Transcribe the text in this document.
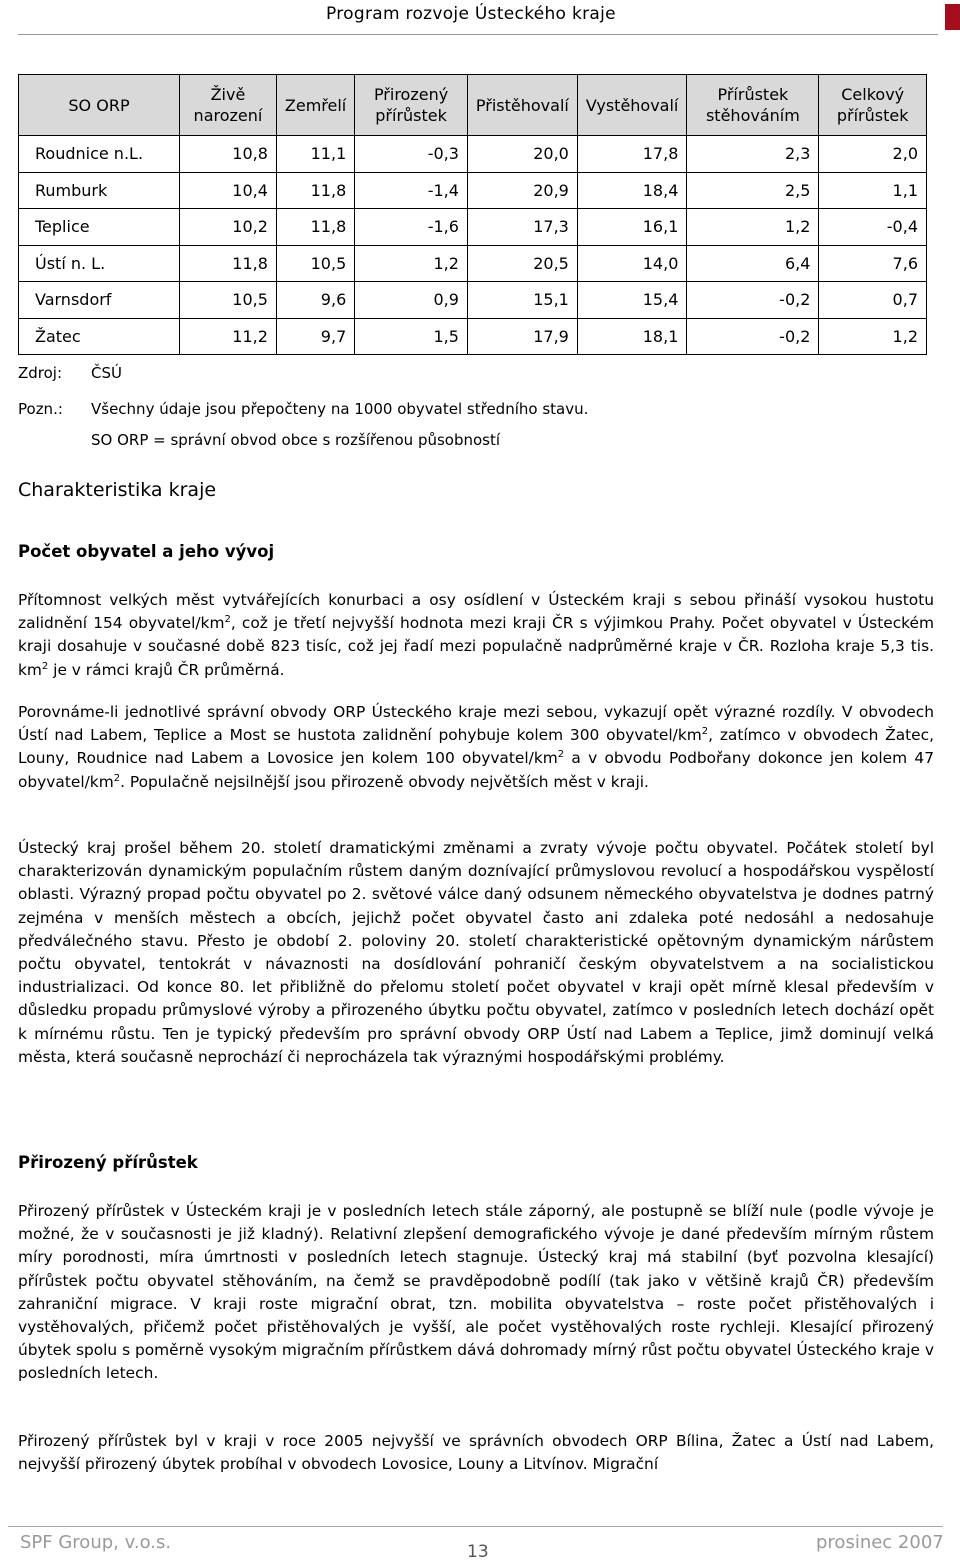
Program rozvoje Ústeckého kraje
SO ORP	Živě narození	Zemřelí	Přirozený přírůstek	Přistěhovalí	Vystěhovalí	Přírůstek stěhováním	Celkový přírůstek
Roudnice n.L.	10,8	11,1	-0,3	20,0	17,8	2,3	2,0
Rumburk	10,4	11,8	-1,4	20,9	18,4	2,5	1,1
Teplice	10,2	11,8	-1,6	17,3	16,1	1,2	-0,4
Ústí n. L.	11,8	10,5	1,2	20,5	14,0	6,4	7,6
Varnsdorf	10,5	9,6	0,9	15,1	15,4	-0,2	0,7
Žatec	11,2	9,7	1,5	17,9	18,1	-0,2	1,2
Zdroj: ČSÚ
Pozn.: Všechny údaje jsou přepočteny na 1000 obyvatel středního stavu.
SO ORP = správní obvod obce s rozšířenou působností
Charakteristika kraje
Počet obyvatel a jeho vývoj

Přítomnost velkých měst vytvářejících konurbaci a osy osídlení v Ústeckém kraji s sebou přináší vysokou hustotu zalidnění 154 obyvatel/$km^2$, což je třetí nejvyšší hodnota mezi kraji ČR s výjimkou Prahy. Počet obyvatel v Ústeckém kraji dosahuje v současné době 823 tisíc, což jej řadí mezi populačně nadprůměrné kraje v ČR. Rozloha kraje 5,3 tis. $km^2$ je v rámci krajů ČR průměrná.

Porovnáme-li jednotlivé správní obvody ORP Ústeckého kraje mezi sebou, vykazují opět výrazné rozdíly. V obvodech Ústí nad Labem, Teplice a Most se hustota zalidnění pohybuje kolem 300 obyvatel/$km^2$, zatímco v obvodech Žatec, Louny, Roudnice nad Labem a Lovosice jen kolem 100 obyvatel/$km^2$ a v obvodu Podbořany dokonce jen kolem 47 obyvatel/$km^2$. Populačně nejsilnější jsou přirozeně obvody největších měst v kraji.

Ústecký kraj prošel během 20. století dramatickými změnami a zvraty vývoje počtu obyvatel. Počátek století byl charakterizován dynamickým populačním růstem daným doznívající průmyslovou revolucí a hospodářskou vyspělostí oblasti. Výrazný propad počtu obyvatel po 2. světové válce daný odsunem německého obyvatelstva je dodnes patrný zejména v menších městech a obcích, jejichž počet obyvatel často ani zdaleka poté nedosáhl a nedosahuje předválečného stavu. Přesto je období 2. poloviny 20. století charakteristické opětovným dynamickým nárůstem počtu obyvatel, tentokrát v návaznosti na dosídlování pohraničí českým obyvatelstvem a na socialistickou industrializaci. Od konce 80. let přibližně do přelomu století počet obyvatel v kraji opět mírně klesal především v důsledku propadu průmyslové výroby a přirozeného úbytku počtu obyvatel, zatímco v posledních letech dochází opět k mírnému růstu. Ten je typický především pro správní obvody ORP Ústí nad Labem a Teplice, jimž dominují velká města, která současně neprochází či neprocházela tak výraznými hospodářskými problémy.

Přirozený přírůstek

Přirozený přírůstek v Ústeckém kraji je v posledních letech stále záporný, ale postupně se blíží nule (podle vývoje je možné, že v současnosti je již kladný). Relativní zlepšení demografického vývoje je dané především mírným růstem míry porodnosti, míra úmrtnosti v posledních letech stagnuje. Ústecký kraj má stabilní (byť pozvolna klesající) přírůstek počtu obyvatel stěhováním, na čemž se pravděpodobně podílí (tak jako v většině krajů ČR) především zahraniční migrace. V kraji roste migrační obrat, tzn. mobilita obyvatelstva – roste počet přistěhovalých i vystěhovalých, přičemž počet přistěhovalých je vyšší, ale počet vystěhovalých roste rychleji. Klesající přirozený úbytek spolu s poměrně vysokým migračním přírůstkem dává dohromady mírný růst počtu obyvatel Ústeckého kraje v posledních letech.

Přirozený přírůstek byl v kraji v roce 2005 nejvyšší ve správních obvodech ORP Bílina, Žatec a Ústí nad Labem, nejvyšší přirozený úbytek probíhal v obvodech Lovosice, Louny a Litvínov. Migrační

SPF Group, v.o.s.	13	prosinec 2007
